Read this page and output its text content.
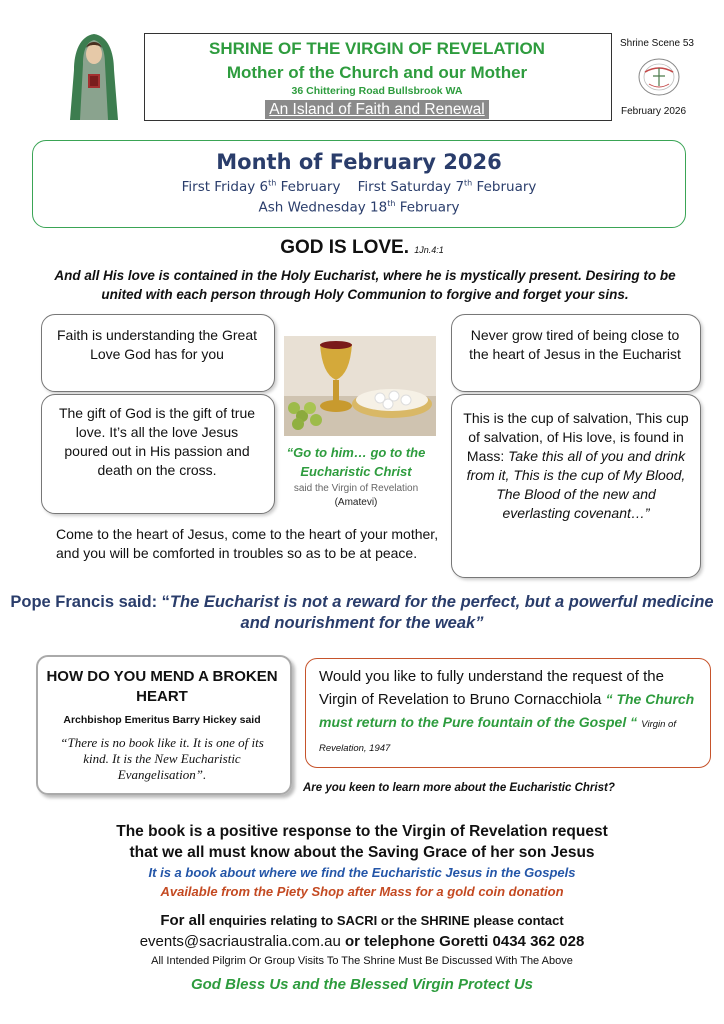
SHRINE OF THE VIRGIN OF REVELATION
Mother of the Church and our Mother
36 Chittering Road Bullsbrook WA
An Island of Faith and Renewal
Shrine Scene 53
February 2026
Month of February 2026
First Friday 6th February First Saturday 7th February
Ash Wednesday 18th February
GOD IS LOVE. 1Jn.4:1
And all His love is contained in the Holy Eucharist, where he is mystically present. Desiring to be united with each person through Holy Communion to forgive and forget your sins.
Faith is understanding the Great Love God has for you
The gift of God is the gift of true love. It’s all the love Jesus poured out in His passion and death on the cross.
“Go to him… go to the Eucharistic Christ
said the Virgin of Revelation (Amatevi)
Never grow tired of being close to the heart of Jesus in the Eucharist
This is the cup of salvation, This cup of salvation, of His love, is found in Mass: Take this all of you and drink from it, This is the cup of My Blood, The Blood of the new and everlasting covenant…”
Come to the heart of Jesus, come to the heart of your mother, and you will be comforted in troubles so as to be at peace.
Pope Francis said: “The Eucharist is not a reward for the perfect, but a powerful medicine and nourishment for the weak”
HOW DO YOU MEND A BROKEN HEART
Archbishop Emeritus Barry Hickey said
“There is no book like it. It is one of its kind. It is the New Eucharistic Evangelisation”.
Would you like to fully understand the request of the Virgin of Revelation to Bruno Cornacchiola “ The Church must return to the Pure fountain of the Gospel “ Virgin of Revelation, 1947
Are you keen to learn more about the Eucharistic Christ?
The book is a positive response to the Virgin of Revelation request
that we all must know about the Saving Grace of her son Jesus
It is a book about where we find the Eucharistic Jesus in the Gospels
Available from the Piety Shop after Mass for a gold coin donation
For all enquiries relating to SACRI or the SHRINE please contact
events@sacriaustralia.com.au or telephone Goretti 0434 362 028
All Intended Pilgrim Or Group Visits To The Shrine Must Be Discussed With The Above
God Bless Us and the Blessed Virgin Protect Us
